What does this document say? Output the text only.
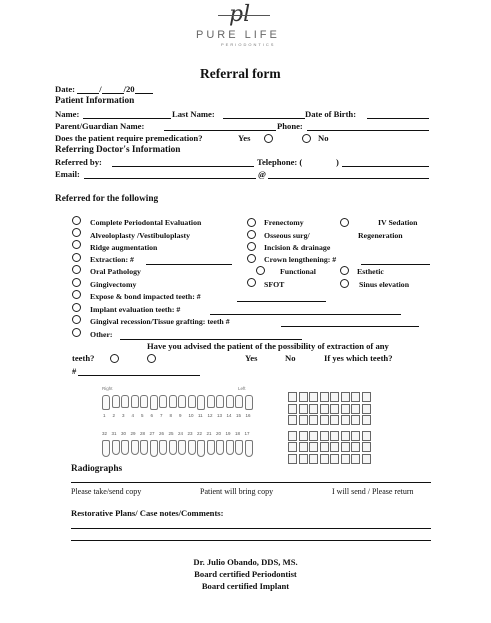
pl
PURE LIFE
PERIODONTICS
Referral form
Date:	/	/20
Patient Information
Name:	Last Name:	Date of Birth:
Parent/Guardian Name:	Phone:
Does the patient require premedication?	Yes	No
Referring Doctor's Information
Referred by:	Telephone: (	)
Email:	@
Referred for the following
Complete Periodontal Evaluation
Alveoloplasty /Vestibuloplasty
Ridge augmentation
Extraction: #
Oral Pathology
Gingivectomy
Expose & bond impacted teeth: #
Implant evaluation teeth: #
Gingival recession/Tissue grafting: teeth #
Other:
Frenectomy
Osseous surg/
Incision & drainage
Crown lengthening: #
Functional
SFOT
IV Sedation
Regeneration
Esthetic
Sinus elevation
Have you advised the patient of the possibility of extraction of any
teeth?	Yes	No	If yes which teeth?
#
Right	Left
1 2 3 4 5 6 7 8 9 10 11 12 13 14 15 16
32 31 30 29 28 27 26 25 24 23 22 21 20 19 18 17
Radiographs
Please take/send copy	Patient will bring copy	I will send / Please return
Restorative Plans/ Case notes/Comments:
Dr. Julio Obando, DDS, MS.
Board certified Periodontist
Board certified Implant
